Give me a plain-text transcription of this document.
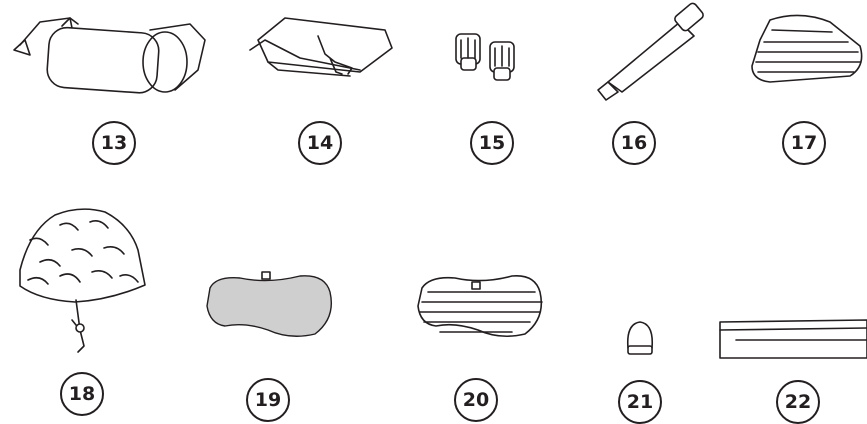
13	14	15	16	17
18	19	20	21	22
